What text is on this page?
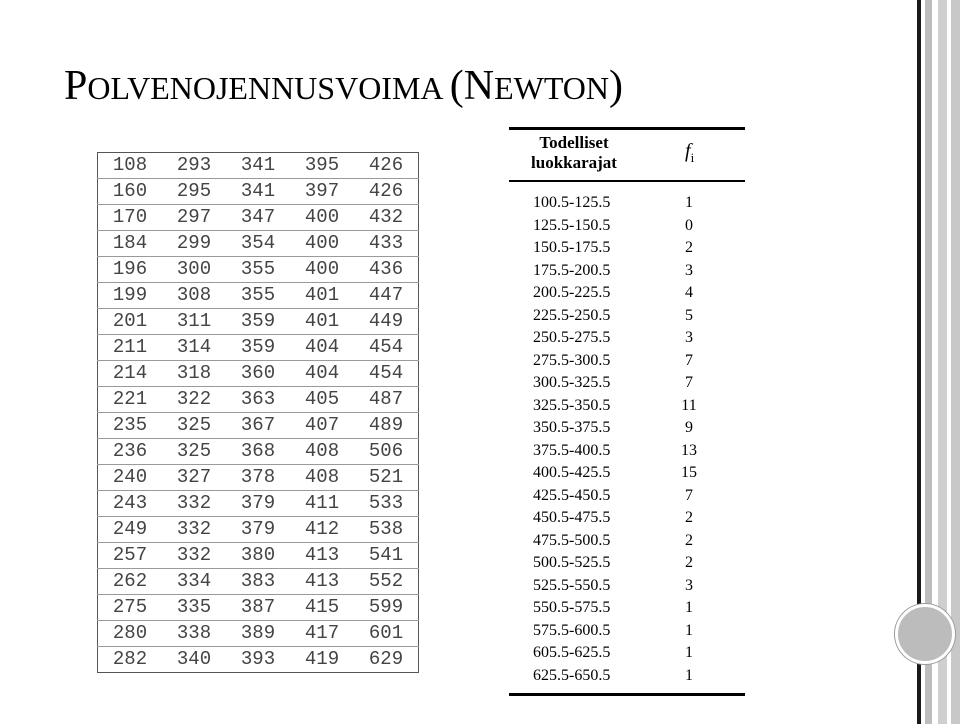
POLVENOJENNUSVOIMA (NEWTON)
108	293	341	395	426
160	295	341	397	426
170	297	347	400	432
184	299	354	400	433
196	300	355	400	436
199	308	355	401	447
201	311	359	401	449
211	314	359	404	454
214	318	360	404	454
221	322	363	405	487
235	325	367	407	489
236	325	368	408	506
240	327	378	408	521
243	332	379	411	533
249	332	379	412	538
257	332	380	413	541
262	334	383	413	552
275	335	387	415	599
280	338	389	417	601
282	340	393	419	629
Todelliset
luokkarajat
$f_i$
100.5-125.5	1
125.5-150.5	0
150.5-175.5	2
175.5-200.5	3
200.5-225.5	4
225.5-250.5	5
250.5-275.5	3
275.5-300.5	7
300.5-325.5	7
325.5-350.5	11
350.5-375.5	9
375.5-400.5	13
400.5-425.5	15
425.5-450.5	7
450.5-475.5	2
475.5-500.5	2
500.5-525.5	2
525.5-550.5	3
550.5-575.5	1
575.5-600.5	1
605.5-625.5	1
625.5-650.5	1
